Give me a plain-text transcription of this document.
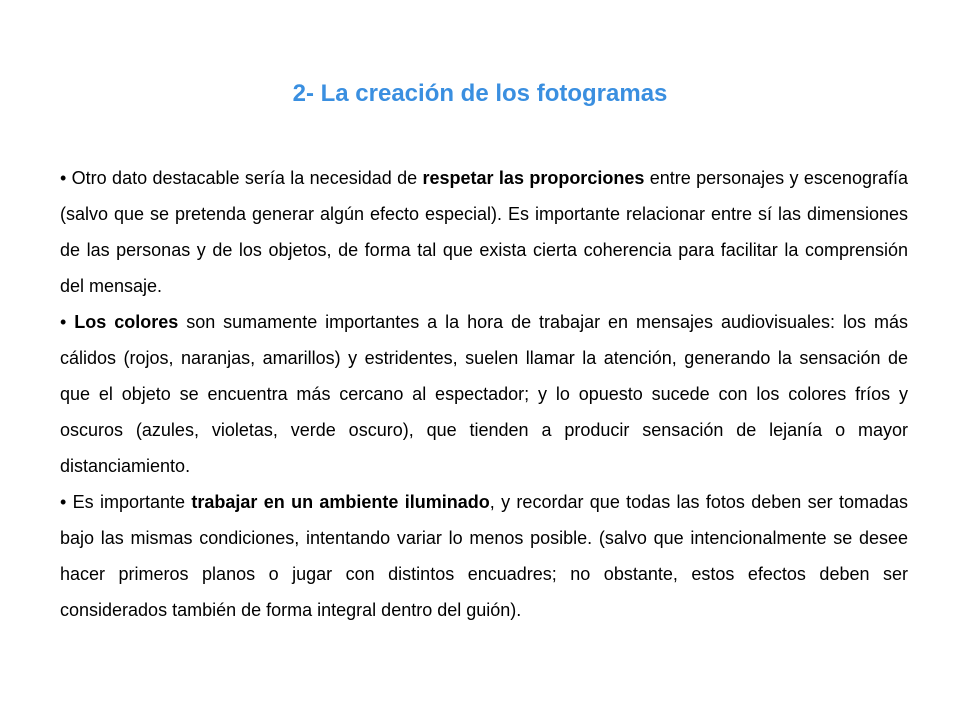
2- La creación de los fotogramas

• Otro dato destacable sería la necesidad de respetar las proporciones entre personajes y escenografía (salvo que se pretenda generar algún efecto especial). Es importante relacionar entre sí las dimensiones de las personas y de los objetos, de forma tal que exista cierta coherencia para facilitar la comprensión del mensaje.

• Los colores son sumamente importantes a la hora de trabajar en mensajes audiovisuales: los más cálidos (rojos, naranjas, amarillos) y estridentes, suelen llamar la atención, generando la sensación de que el objeto se encuentra más cercano al espectador; y lo opuesto sucede con los colores fríos y oscuros (azules, violetas, verde oscuro), que tienden a producir sensación de lejanía o mayor distanciamiento.

• Es importante trabajar en un ambiente iluminado, y recordar que todas las fotos deben ser tomadas bajo las mismas condiciones, intentando variar lo menos posible. (salvo que intencionalmente se desee hacer primeros planos o jugar con distintos encuadres; no obstante, estos efectos deben ser considerados también de forma integral dentro del guión).
